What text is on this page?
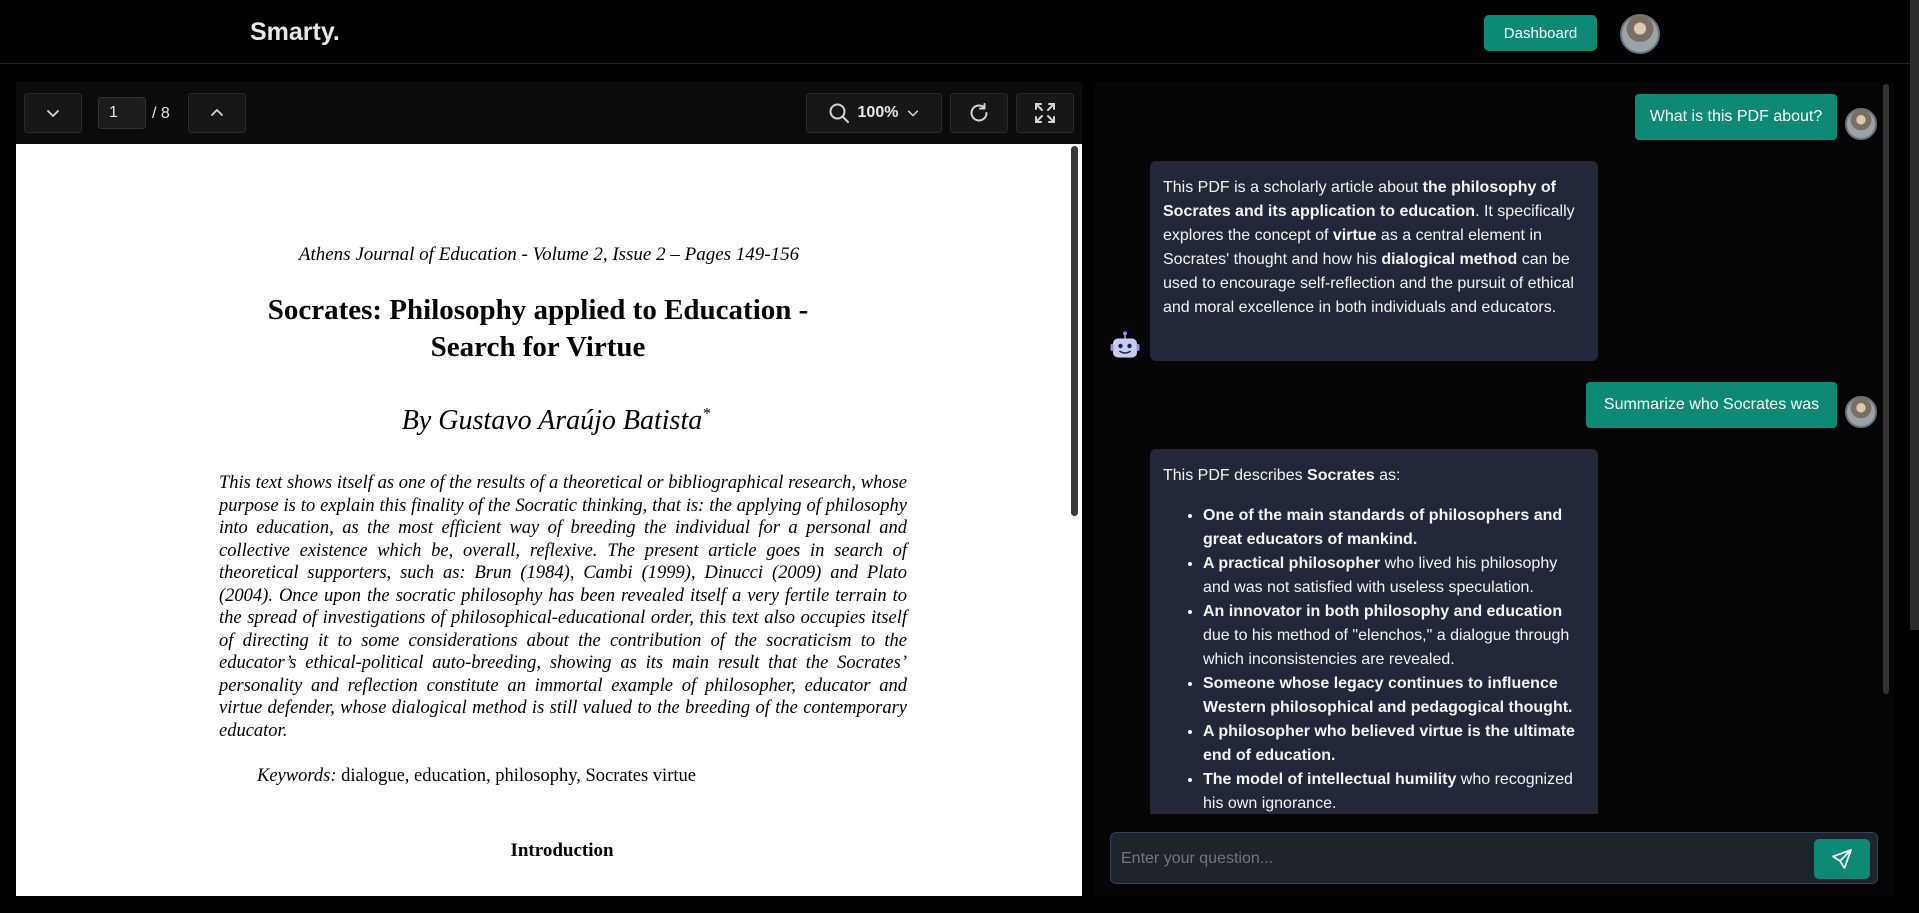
Smarty.	Dashboard
1
/ 8	100%
Athens Journal of Education - Volume 2, Issue 2 – Pages 149-156
Socrates: Philosophy applied to Education -
Search for Virtue
By Gustavo Araújo Batista*
This text shows itself as one of the results of a theoretical or bibliographical research, whose purpose is to explain this finality of the Socratic thinking, that is: the applying of philosophy into education, as the most efficient way of breeding the individual for a personal and collective existence which be, overall, reflexive. The present article goes in search of theoretical supporters, such as: Brun (1984), Cambi (1999), Dinucci (2009) and Plato (2004). Once upon the socratic philosophy has been revealed itself a very fertile terrain to the spread of investigations of philosophical-educational order, this text also occupies itself of directing it to some considerations about the contribution of the socraticism to the educator’s ethical-political auto-breeding, showing as its main result that the Socrates’ personality and reflection constitute an immortal example of philosopher, educator and virtue defender, whose dialogical method is still valued to the breeding of the contemporary educator.
Keywords: dialogue, education, philosophy, Socrates virtue
Introduction
What is this PDF about?
This PDF is a scholarly article about the philosophy of Socrates and its application to education. It specifically explores the concept of virtue as a central element in Socrates' thought and how his dialogical method can be used to encourage self-reflection and the pursuit of ethical and moral excellence in both individuals and educators.
Summarize who Socrates was
This PDF describes Socrates as:
• One of the main standards of philosophers and great educators of mankind.
• A practical philosopher who lived his philosophy and was not satisfied with useless speculation.
• An innovator in both philosophy and education due to his method of "elenchos," a dialogue through which inconsistencies are revealed.
• Someone whose legacy continues to influence Western philosophical and pedagogical thought.
• A philosopher who believed virtue is the ultimate end of education.
• The model of intellectual humility who recognized his own ignorance.
Enter your question...
